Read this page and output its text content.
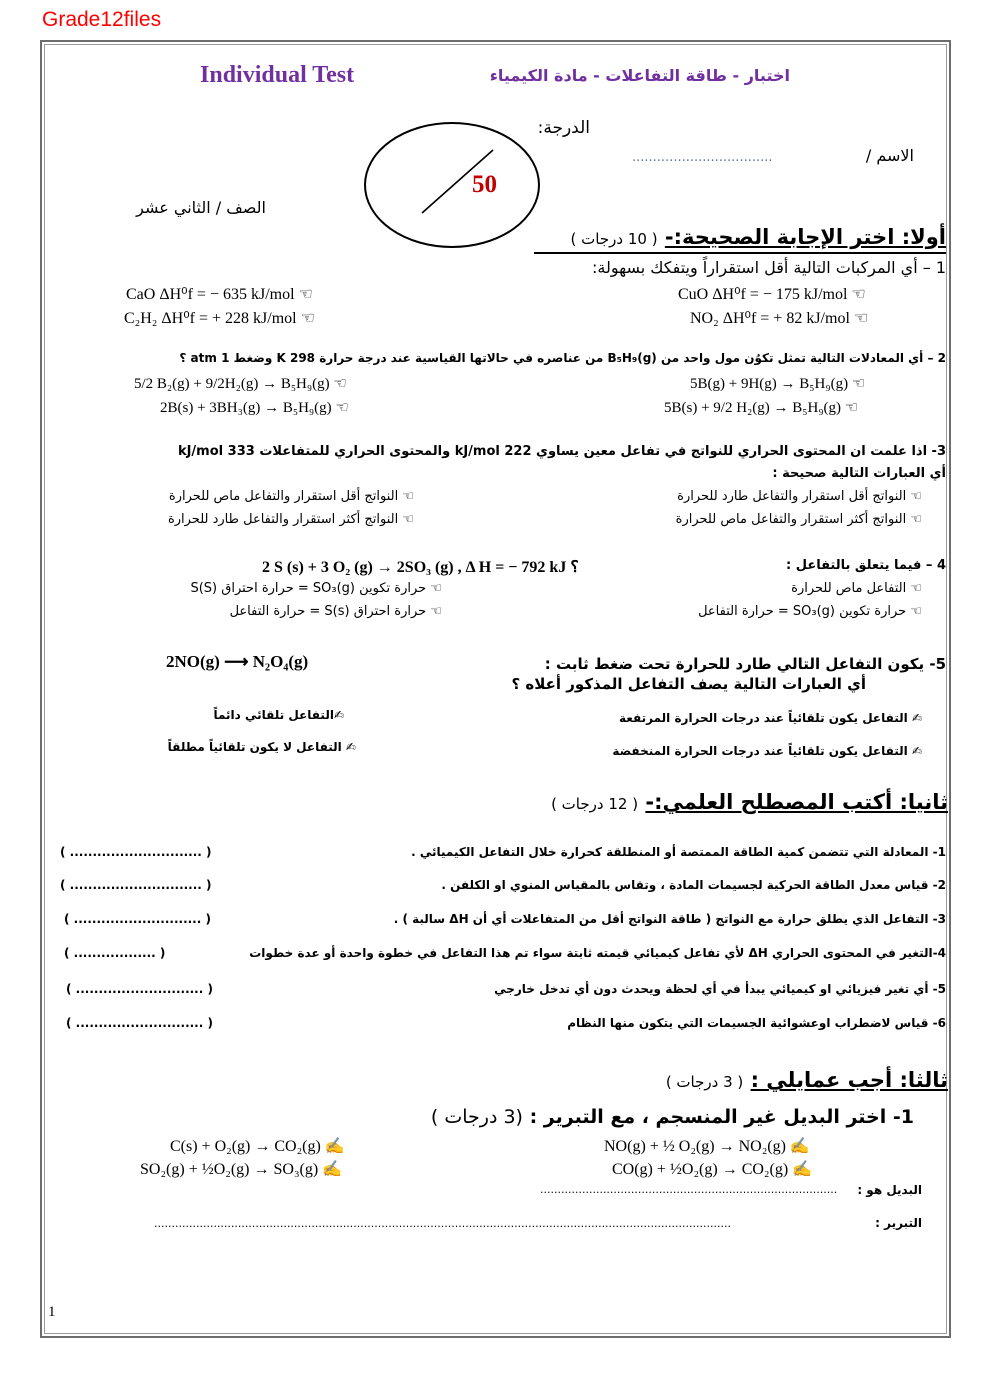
Grade12files
Individual Test	اختبار - طاقة التفاعلات - مادة الكيمياء
الدرجة:
الاسم /
..................................
الصف / الثاني عشر
50
أولا: اختر الإجابة الصحيحة:- ( 10 درجات )
1 – أي المركبات التالية أقل استقراراً ويتفكك بسهولة:
CuO ΔH⁰f = − 175 kJ/mol ☜
CaO ΔH⁰f = − 635 kJ/mol ☜
NO₂ ΔH⁰f = + 82 kJ/mol ☜
C₂H₂ ΔH⁰f = + 228 kJ/mol ☜
2 – أي المعادلات التالية تمثل تكوُن مول واحد من B₅H₉(g) من عناصره في حالاتها القياسية عند درجة حرارة 298 K وضغط 1 atm ؟
5B(g) + 9H(g) → B₅H₉(g) ☜
5/2 B₂(g) + 9/2H₂(g) → B₅H₉(g) ☜
5B(s) + 9/2 H₂(g) → B₅H₉(g) ☜
2B(s) + 3BH₃(g) → B₅H₉(g) ☜
3- اذا علمت ان المحتوى الحراري للنواتج في تفاعل معين يساوي 222 kJ/mol والمحتوى الحراري للمتفاعلات 333 kJ/mol
أي العبارات التالية صحيحة :
☜ النواتج أقل استقرار والتفاعل طارد للحرارة
☜ النواتج أقل استقرار والتفاعل ماص للحرارة
☜ النواتج أكثر استقرار والتفاعل ماص للحرارة
☜ النواتج أكثر استقرار والتفاعل طارد للحرارة
4 – فيما يتعلق بالتفاعل :
2 S (s) + 3 O₂ (g) → 2SO₃ (g) , Δ H = − 792 kJ ؟
☜ التفاعل ماص للحرارة
☜ حرارة تكوين SO₃(g) = حرارة احتراق S(S)
☜ حرارة تكوين SO₃(g) = حرارة التفاعل
☜ حرارة احتراق S(s) = حرارة التفاعل
5- يكون التفاعل التالي طارد للحرارة تحت ضغط ثابت :
2NO(g) ⟶ N₂O₄(g)
أي العبارات التالية يصف التفاعل المذكور أعلاه ؟
✍ التفاعل يكون تلقائياً عند درجات الحرارة المرتفعة
✍التفاعل تلقائي دائماً
✍ التفاعل يكون تلقائياً عند درجات الحرارة المنخفضة
✍ التفاعل لا يكون تلقائياً مطلقاً
ثانيا: أكتب المصطلح العلمي:- ( 12 درجات )
1- المعادلة التي تتضمن كمية الطاقة الممتصة أو المنطلقة كحرارة خلال التفاعل الكيميائي .
( ............................. )
2- قياس معدل الطاقة الحركية لجسيمات المادة ، وتقاس بالمقياس المنوي او الكلفن .
( ............................. )
3- التفاعل الذي يطلق حرارة مع النواتج ( طاقة النواتج أقل من المتفاعلات أي أن ΔH سالبة ) .
( ............................ )
4-التغير في المحتوى الحراري ΔH لأي تفاعل كيميائي قيمته ثابتة سواء تم هذا التفاعل في خطوة واحدة أو عدة خطوات
( .................. )
5- أي تغير فيزيائي او كيميائي يبدأ في أي لحظة ويحدث دون أي تدخل خارجي
( ............................ )
6- قياس لاضطراب اوعشوائية الجسيمات التي يتكون منها النظام
( ............................ )
ثالثا: أجب عمايلي : ( 3 درجات )
1- اختر البديل غير المنسجم ، مع التبرير : (3 درجات )
NO(g) + ½ O₂(g) → NO₂(g) ✍
C(s) + O₂(g) → CO₂(g) ✍
CO(g) + ½O₂(g) → CO₂(g) ✍
SO₂(g) + ½O₂(g) → SO₃(g) ✍
البديل هو :
.....................................................................................
التبرير :
.....................................................................................................................................................................
1
